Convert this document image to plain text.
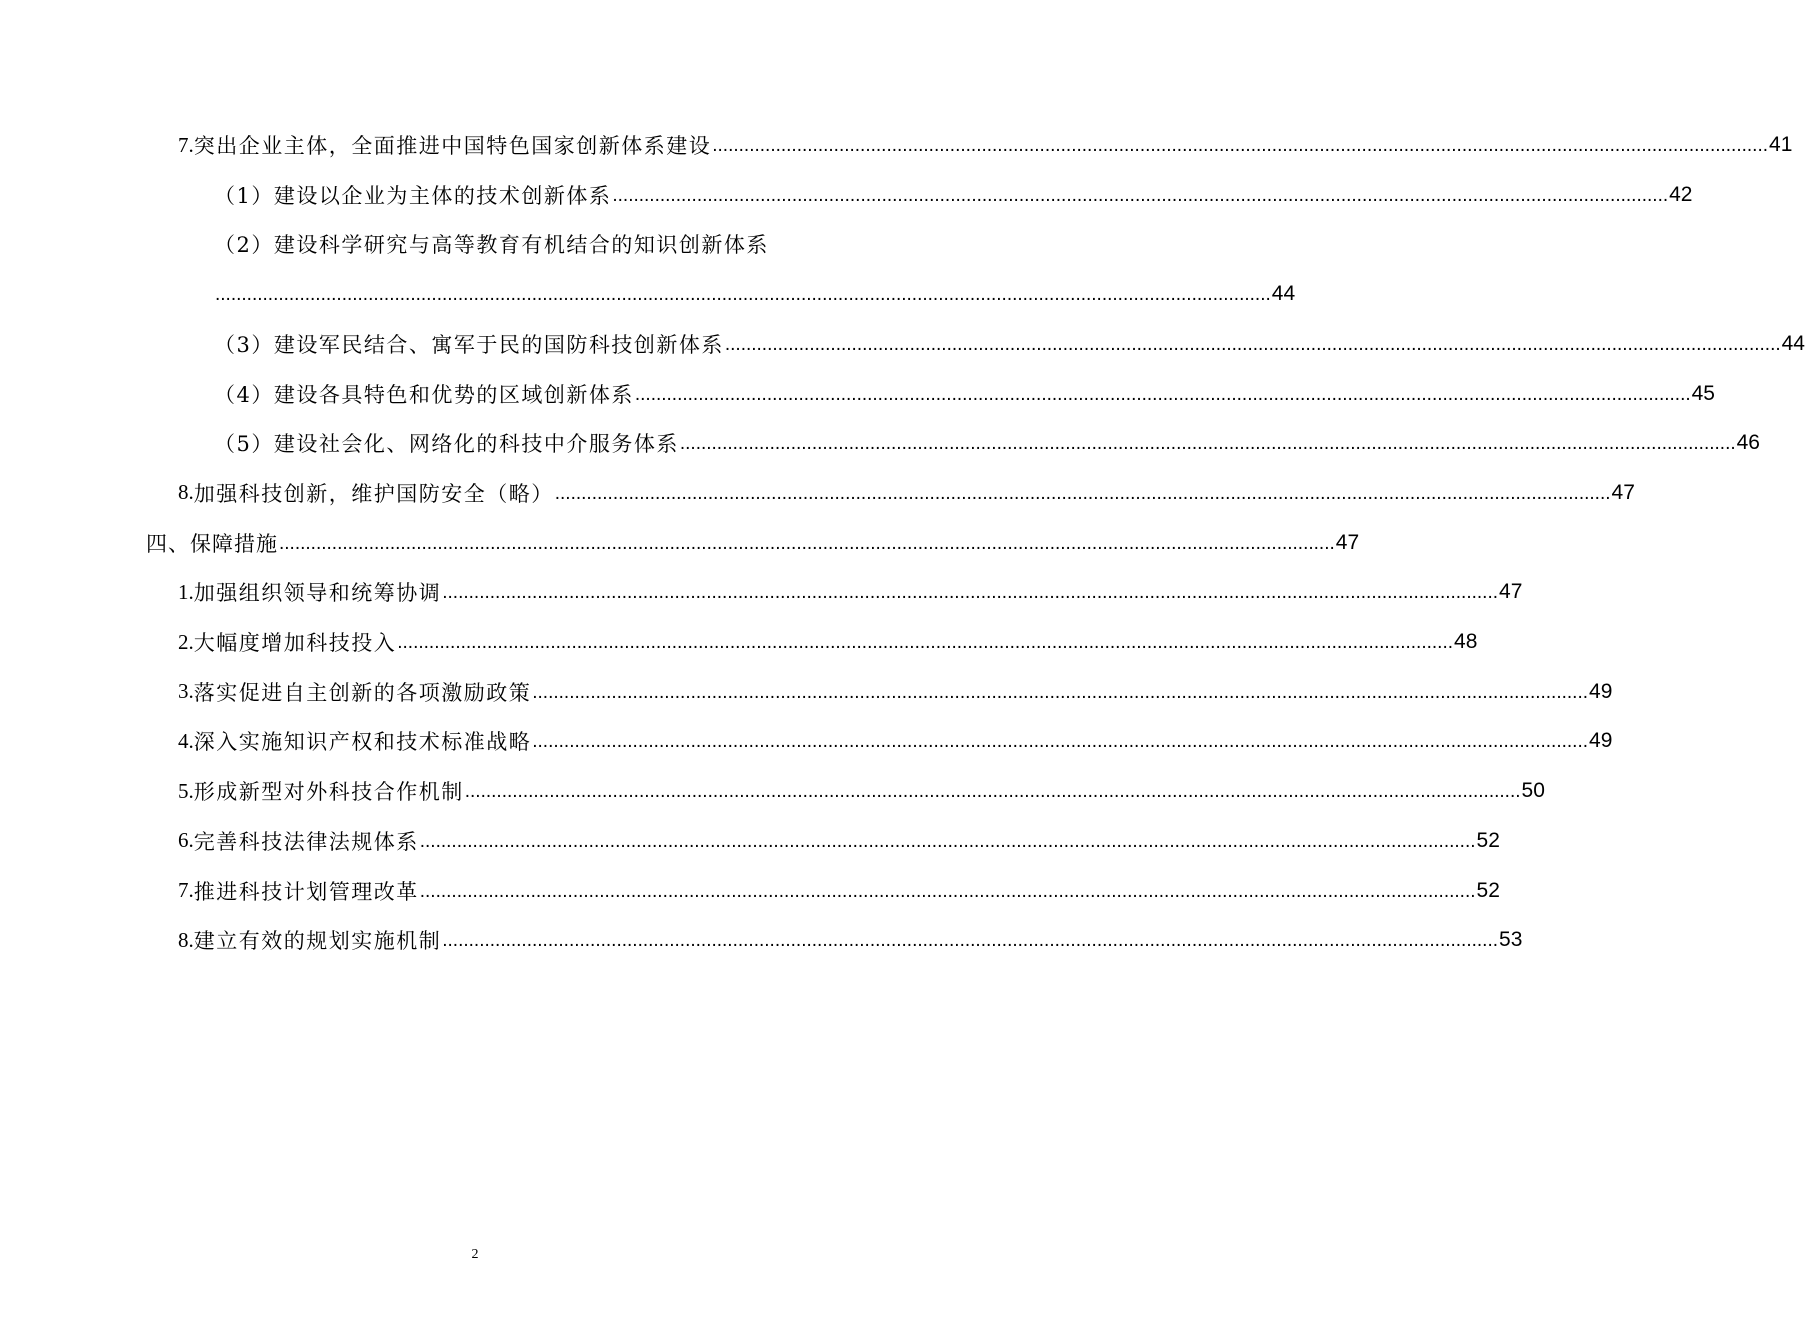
7. 突出企业主体，全面推进中国特色国家创新体系建设 ........................................................................................................................................................................................................ 41
（1）建设以企业为主体的技术创新体系 ........................................................................................................................................................................................................ 42
（2）建设科学研究与高等教育有机结合的知识创新体系
........................................................................................................................................................................................................ 44
（3）建设军民结合、寓军于民的国防科技创新体系 ........................................................................................................................................................................................................ 44
（4）建设各具特色和优势的区域创新体系 ........................................................................................................................................................................................................ 45
（5）建设社会化、网络化的科技中介服务体系 ........................................................................................................................................................................................................ 46
8. 加强科技创新，维护国防安全（略） ........................................................................................................................................................................................................ 47
四、保障措施 ........................................................................................................................................................................................................ 47
1. 加强组织领导和统筹协调 ........................................................................................................................................................................................................ 47
2. 大幅度增加科技投入 ........................................................................................................................................................................................................ 48
3. 落实促进自主创新的各项激励政策 ........................................................................................................................................................................................................ 49
4. 深入实施知识产权和技术标准战略 ........................................................................................................................................................................................................ 49
5. 形成新型对外科技合作机制 ........................................................................................................................................................................................................ 50
6. 完善科技法律法规体系 ........................................................................................................................................................................................................ 52
7. 推进科技计划管理改革 ........................................................................................................................................................................................................ 52
8. 建立有效的规划实施机制 ........................................................................................................................................................................................................ 53
2
